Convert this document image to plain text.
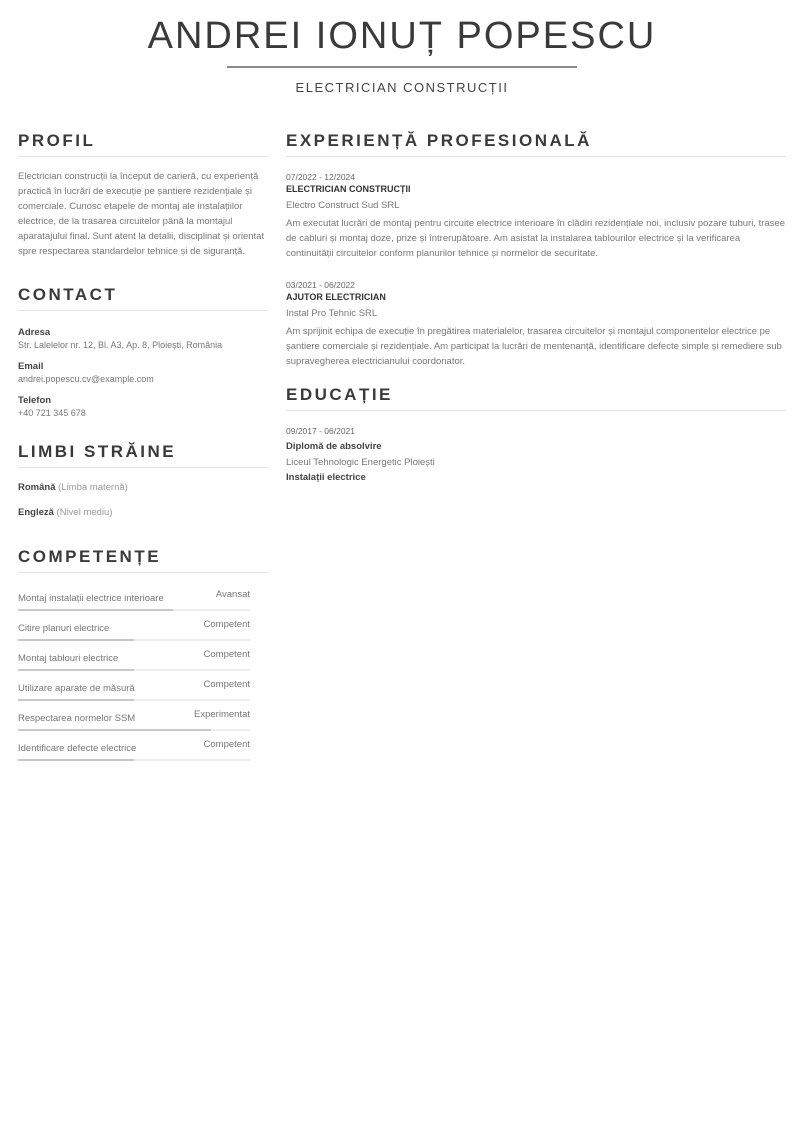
ANDREI IONUȚ POPESCU
ELECTRICIAN CONSTRUCȚII
PROFIL
Electrician construcții la început de carieră, cu experiență practică în lucrări de execuție pe șantiere rezidențiale și comerciale. Cunosc etapele de montaj ale instalațiilor electrice, de la trasarea circuitelor până la montajul aparatajului final. Sunt atent la detalii, disciplinat și orientat spre respectarea standardelor tehnice și de siguranță.
CONTACT
Adresa
Str. Lalelelor nr. 12, Bl. A3, Ap. 8, Ploiești, România
Email
andrei.popescu.cv@example.com
Telefon
+40 721 345 678
LIMBI STRĂINE
Română (Limba maternă)
Engleză (Nivel mediu)
COMPETENȚE
Montaj instalații electrice interioare	Avansat
Citire planuri electrice	Competent
Montaj tablouri electrice	Competent
Utilizare aparate de măsură	Competent
Respectarea normelor SSM	Experimentat
Identificare defecte electrice	Competent
EXPERIENȚĂ PROFESIONALĂ
07/2022 - 12/2024
ELECTRICIAN CONSTRUCȚII
Electro Construct Sud SRL
Am executat lucrări de montaj pentru circuite electrice interioare în clădiri rezidențiale noi, inclusiv pozare tuburi, trasee de cabluri și montaj doze, prize și întrerupătoare. Am asistat la instalarea tablourilor electrice și la verificarea continuității circuitelor conform planurilor tehnice și normelor de securitate.
03/2021 - 06/2022
AJUTOR ELECTRICIAN
Instal Pro Tehnic SRL
Am sprijinit echipa de execuție în pregătirea materialelor, trasarea circuitelor și montajul componentelor electrice pe șantiere comerciale și rezidențiale. Am participat la lucrări de mentenanță, identificare defecte simple și remediere sub supravegherea electricianului coordonator.
EDUCAȚIE
09/2017 - 06/2021
Diplomă de absolvire
Liceul Tehnologic Energetic Ploiești
Instalații electrice
